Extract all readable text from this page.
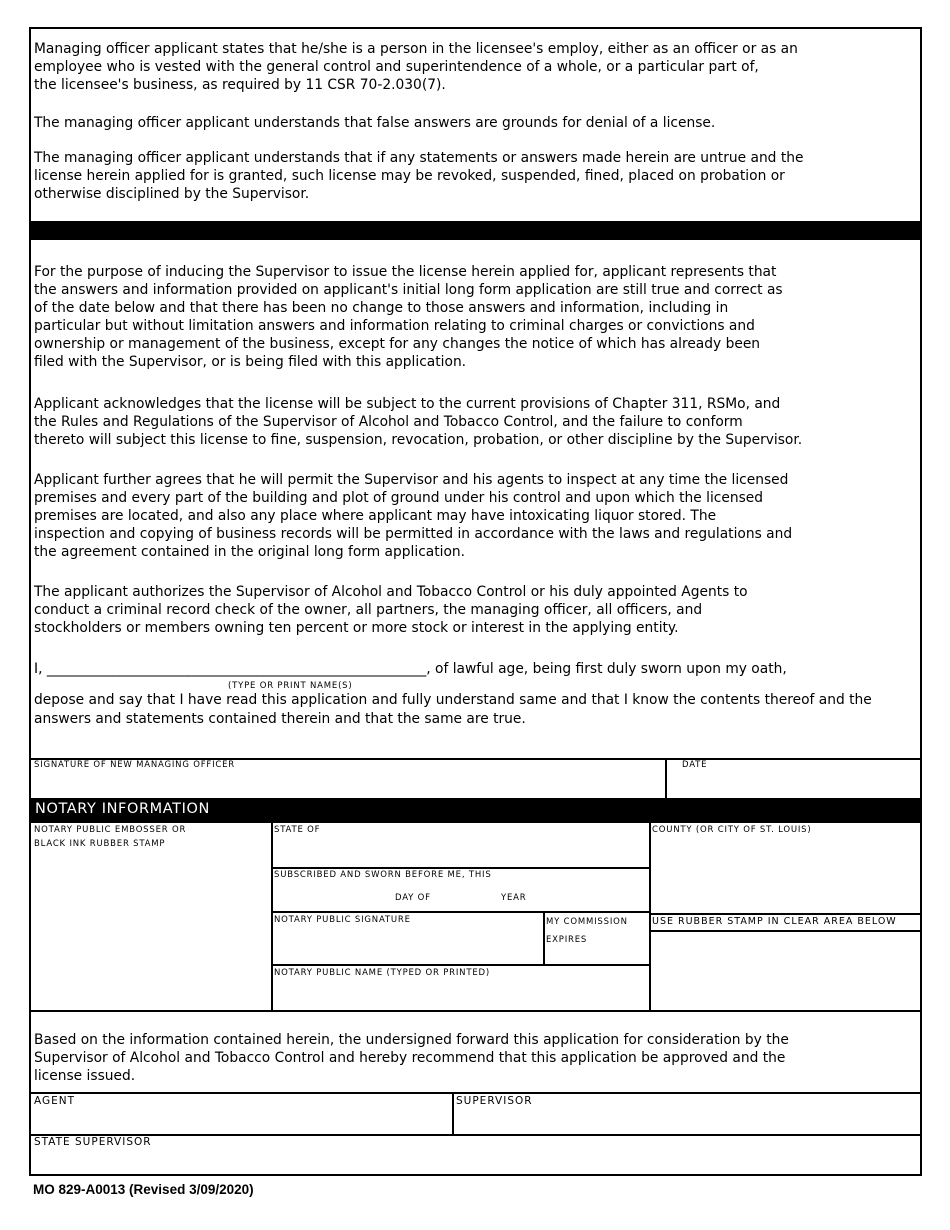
Managing officer applicant states that he/she is a person in the licensee's employ, either as an officer or as an
employee who is vested with the general control and superintendence of a whole, or a particular part of,
the licensee's business, as required by 11 CSR 70-2.030(7).
The managing officer applicant understands that false answers are grounds for denial of a license.
The managing officer applicant understands that if any statements or answers made herein are untrue and the
license herein applied for is granted, such license may be revoked, suspended, fined, placed on probation or
otherwise disciplined by the Supervisor.
For the purpose of inducing the Supervisor to issue the license herein applied for, applicant represents that
the answers and information provided on applicant's initial long form application are still true and correct as
of the date below and that there has been no change to those answers and information, including in
particular but without limitation answers and information relating to criminal charges or convictions and
ownership or management of the business, except for any changes the notice of which has already been
filed with the Supervisor, or is being filed with this application.
Applicant acknowledges that the license will be subject to the current provisions of Chapter 311, RSMo, and
the Rules and Regulations of the Supervisor of Alcohol and Tobacco Control, and the failure to conform
thereto will subject this license to fine, suspension, revocation, probation, or other discipline by the Supervisor.
Applicant further agrees that he will permit the Supervisor and his agents to inspect at any time the licensed
premises and every part of the building and plot of ground under his control and upon which the licensed
premises are located, and also any place where applicant may have intoxicating liquor stored. The
inspection and copying of business records will be permitted in accordance with the laws and regulations and
the agreement contained in the original long form application.
The applicant authorizes the Supervisor of Alcohol and Tobacco Control or his duly appointed Agents to
conduct a criminal record check of the owner, all partners, the managing officer, all officers, and
stockholders or members owning ten percent or more stock or interest in the applying entity.
I, _______________________________________________________, of lawful age, being first duly sworn upon my oath,
(TYPE OR PRINT NAME(S)
depose and say that I have read this application and fully understand same and that I know the contents thereof and the
answers and statements contained therein and that the same are true.
SIGNATURE OF NEW MANAGING OFFICER	DATE
NOTARY INFORMATION
NOTARY PUBLIC EMBOSSER OR
BLACK INK RUBBER STAMP
STATE OF
SUBSCRIBED AND SWORN BEFORE ME, THIS
DAY OF	YEAR
NOTARY PUBLIC SIGNATURE	MY COMMISSION
EXPIRES
NOTARY PUBLIC NAME (TYPED OR PRINTED)
COUNTY (OR CITY OF ST. LOUIS)
USE RUBBER STAMP IN CLEAR AREA BELOW
Based on the information contained herein, the undersigned forward this application for consideration by the
Supervisor of Alcohol and Tobacco Control and hereby recommend that this application be approved and the
license issued.
AGENT	SUPERVISOR
STATE SUPERVISOR
MO 829-A0013 (Revised 3/09/2020)
